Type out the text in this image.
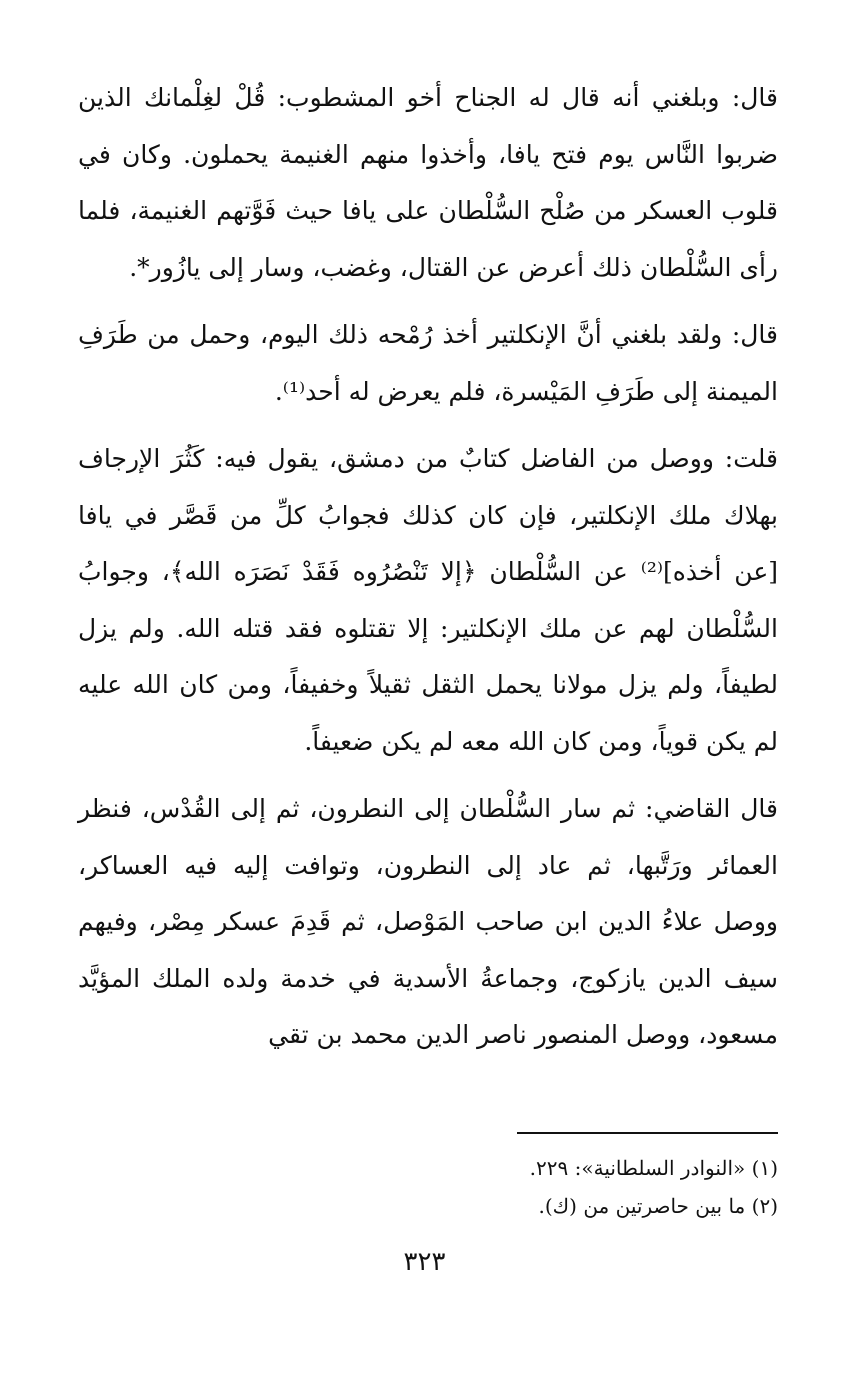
قال: وبلغني أنه قال له الجناح أخو المشطوب: قُلْ لغِلْمانك الذين ضربوا النَّاس يوم فتح يافا، وأخذوا منهم الغنيمة يحملون. وكان في قلوب العسكر من صُلْح السُّلْطان على يافا حيث فَوَّتهم الغنيمة، فلما رأى السُّلْطان ذلك أعرض عن القتال، وغضب، وسار إلى يازُور*.

قال: ولقد بلغني أنَّ الإنكلتير أخذ رُمْحه ذلك اليوم، وحمل من طَرَفِ الميمنة إلى طَرَفِ المَيْسرة، فلم يعرض له أحد⁽¹⁾.

قلت: ووصل من الفاضل كتابٌ من دمشق، يقول فيه: كَثُرَ الإرجاف بهلاك ملك الإنكلتير، فإن كان كذلك فجوابُ كلِّ من قَصَّر في يافا [عن أخذه]⁽²⁾ عن السُّلْطان ﴿إلا تَنْصُرُوه فَقَدْ نَصَرَه الله﴾، وجوابُ السُّلْطان لهم عن ملك الإنكلتير: إلا تقتلوه فقد قتله الله. ولم يزل لطيفاً، ولم يزل مولانا يحمل الثقل ثقيلاً وخفيفاً، ومن كان الله عليه لم يكن قوياً، ومن كان الله معه لم يكن ضعيفاً.

قال القاضي: ثم سار السُّلْطان إلى النطرون، ثم إلى القُدْس، فنظر العمائر ورَتَّبها، ثم عاد إلى النطرون، وتوافت إليه فيه العساكر، ووصل علاءُ الدين ابن صاحب المَوْصل، ثم قَدِمَ عسكر مِصْر، وفيهم سيف الدين يازكوج، وجماعةُ الأسدية في خدمة ولده الملك المؤيَّد مسعود، ووصل المنصور ناصر الدين محمد بن تقي

(١) «النوادر السلطانية»: ٢٢٩.

(٢) ما بين حاصرتين من (ك).

٣٢٣
